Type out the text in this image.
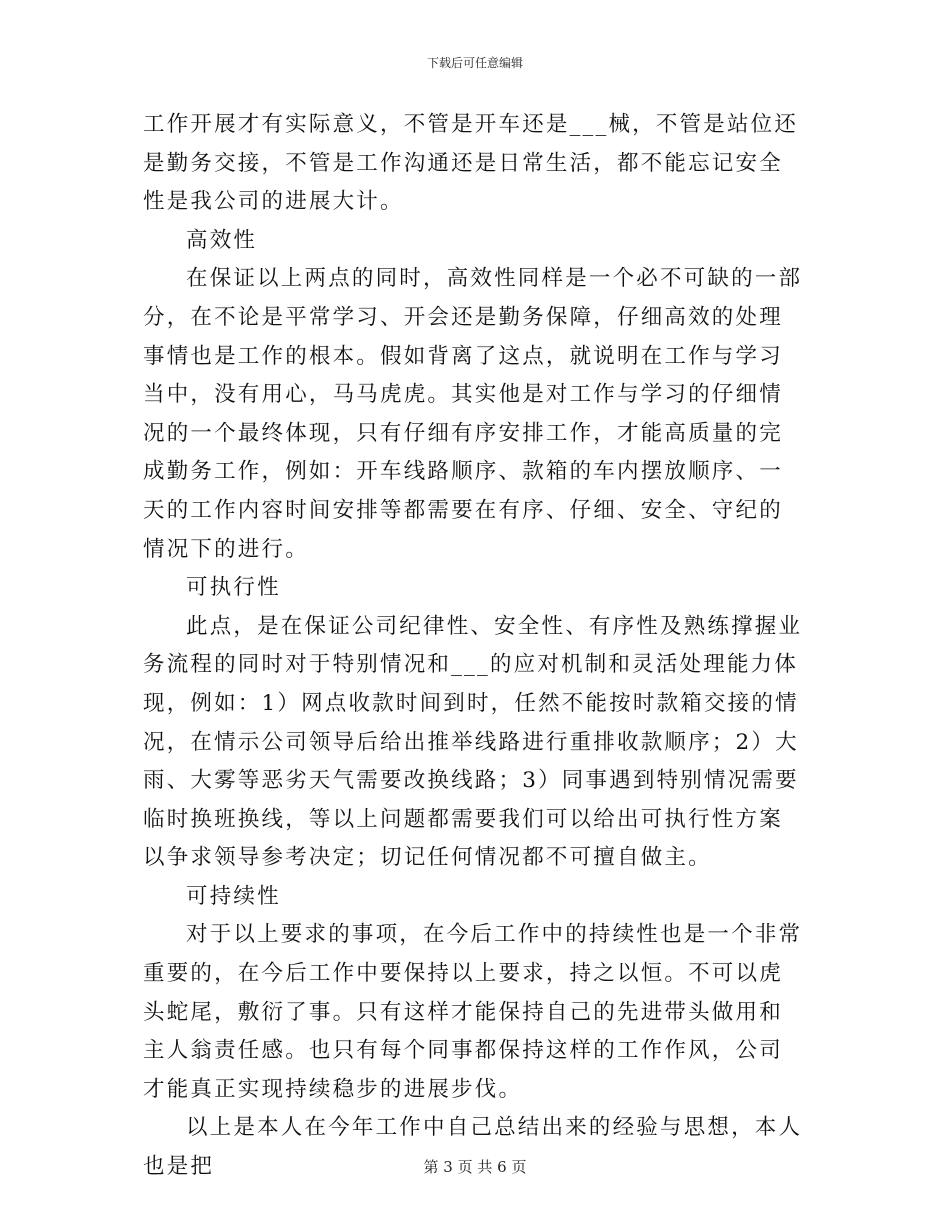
下载后可任意编辑

工作开展才有实际意义，不管是开车还是___械，不管是站位还是勤务交接，不管是工作沟通还是日常生活，都不能忘记安全性是我公司的进展大计。

高效性

在保证以上两点的同时，高效性同样是一个必不可缺的一部分，在不论是平常学习、开会还是勤务保障，仔细高效的处理事情也是工作的根本。假如背离了这点，就说明在工作与学习当中，没有用心，马马虎虎。其实他是对工作与学习的仔细情况的一个最终体现，只有仔细有序安排工作，才能高质量的完成勤务工作，例如：开车线路顺序、款箱的车内摆放顺序、一天的工作内容时间安排等都需要在有序、仔细、安全、守纪的情况下的进行。

可执行性

此点，是在保证公司纪律性、安全性、有序性及熟练撑握业务流程的同时对于特别情况和___的应对机制和灵活处理能力体现，例如：1）网点收款时间到时，任然不能按时款箱交接的情况，在情示公司领导后给出推举线路进行重排收款顺序；2）大雨、大雾等恶劣天气需要改换线路；3）同事遇到特别情况需要临时换班换线，等以上问题都需要我们可以给出可执行性方案以争求领导参考决定；切记任何情况都不可擅自做主。

可持续性

对于以上要求的事项，在今后工作中的持续性也是一个非常重要的，在今后工作中要保持以上要求，持之以恒。不可以虎头蛇尾，敷衍了事。只有这样才能保持自己的先进带头做用和主人翁责任感。也只有每个同事都保持这样的工作作风，公司才能真正实现持续稳步的进展步伐。

以上是本人在今年工作中自己总结出来的经验与思想，本人也是把	第 3 页 共 6 页
